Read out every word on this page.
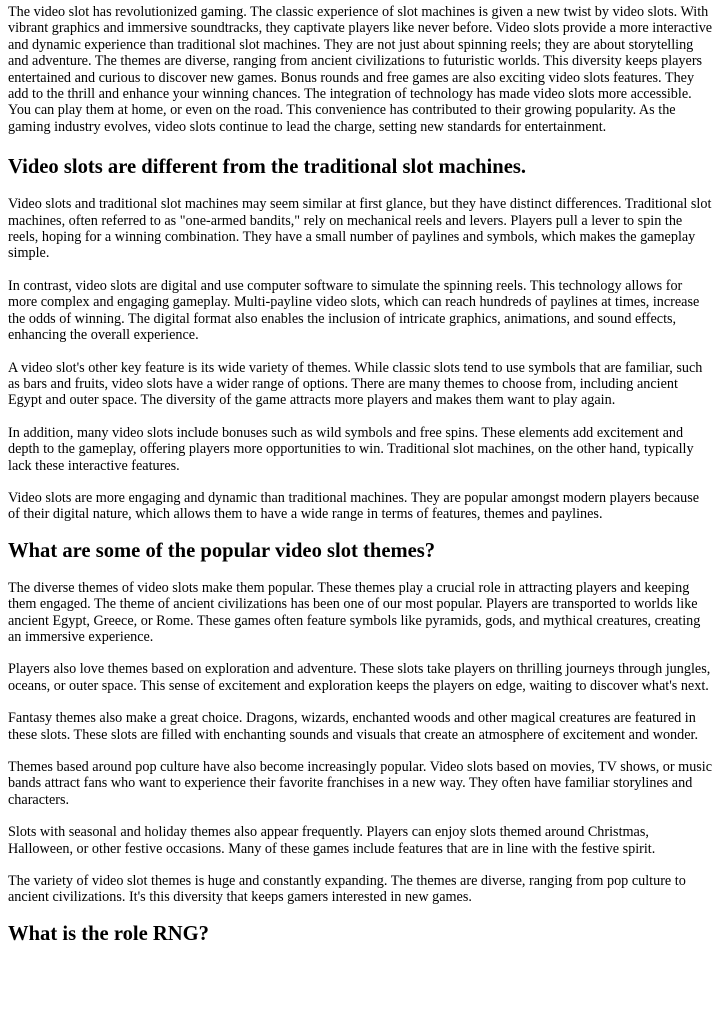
The video slot has revolutionized gaming. The classic experience of slot machines is given a new twist by video slots. With vibrant graphics and immersive soundtracks, they captivate players like never before. Video slots provide a more interactive and dynamic experience than traditional slot machines. They are not just about spinning reels; they are about storytelling and adventure. The themes are diverse, ranging from ancient civilizations to futuristic worlds. This diversity keeps players entertained and curious to discover new games. Bonus rounds and free games are also exciting video slots features. They add to the thrill and enhance your winning chances. The integration of technology has made video slots more accessible. You can play them at home, or even on the road. This convenience has contributed to their growing popularity. As the gaming industry evolves, video slots continue to lead the charge, setting new standards for entertainment.

Video slots are different from the traditional slot machines.

Video slots and traditional slot machines may seem similar at first glance, but they have distinct differences. Traditional slot machines, often referred to as "one-armed bandits," rely on mechanical reels and levers. Players pull a lever to spin the reels, hoping for a winning combination. They have a small number of paylines and symbols, which makes the gameplay simple.

In contrast, video slots are digital and use computer software to simulate the spinning reels. This technology allows for more complex and engaging gameplay. Multi-payline video slots, which can reach hundreds of paylines at times, increase the odds of winning. The digital format also enables the inclusion of intricate graphics, animations, and sound effects, enhancing the overall experience.

A video slot's other key feature is its wide variety of themes. While classic slots tend to use symbols that are familiar, such as bars and fruits, video slots have a wider range of options. There are many themes to choose from, including ancient Egypt and outer space. The diversity of the game attracts more players and makes them want to play again.

In addition, many video slots include bonuses such as wild symbols and free spins. These elements add excitement and depth to the gameplay, offering players more opportunities to win. Traditional slot machines, on the other hand, typically lack these interactive features.

Video slots are more engaging and dynamic than traditional machines. They are popular amongst modern players because of their digital nature, which allows them to have a wide range in terms of features, themes and paylines.

What are some of the popular video slot themes?

The diverse themes of video slots make them popular. These themes play a crucial role in attracting players and keeping them engaged. The theme of ancient civilizations has been one of our most popular. Players are transported to worlds like ancient Egypt, Greece, or Rome. These games often feature symbols like pyramids, gods, and mythical creatures, creating an immersive experience.

Players also love themes based on exploration and adventure. These slots take players on thrilling journeys through jungles, oceans, or outer space. This sense of excitement and exploration keeps the players on edge, waiting to discover what's next.

Fantasy themes also make a great choice. Dragons, wizards, enchanted woods and other magical creatures are featured in these slots. These slots are filled with enchanting sounds and visuals that create an atmosphere of excitement and wonder.

Themes based around pop culture have also become increasingly popular. Video slots based on movies, TV shows, or music bands attract fans who want to experience their favorite franchises in a new way. They often have familiar storylines and characters.

Slots with seasonal and holiday themes also appear frequently. Players can enjoy slots themed around Christmas, Halloween, or other festive occasions. Many of these games include features that are in line with the festive spirit.

The variety of video slot themes is huge and constantly expanding. The themes are diverse, ranging from pop culture to ancient civilizations. It's this diversity that keeps gamers interested in new games.

What is the role RNG?
